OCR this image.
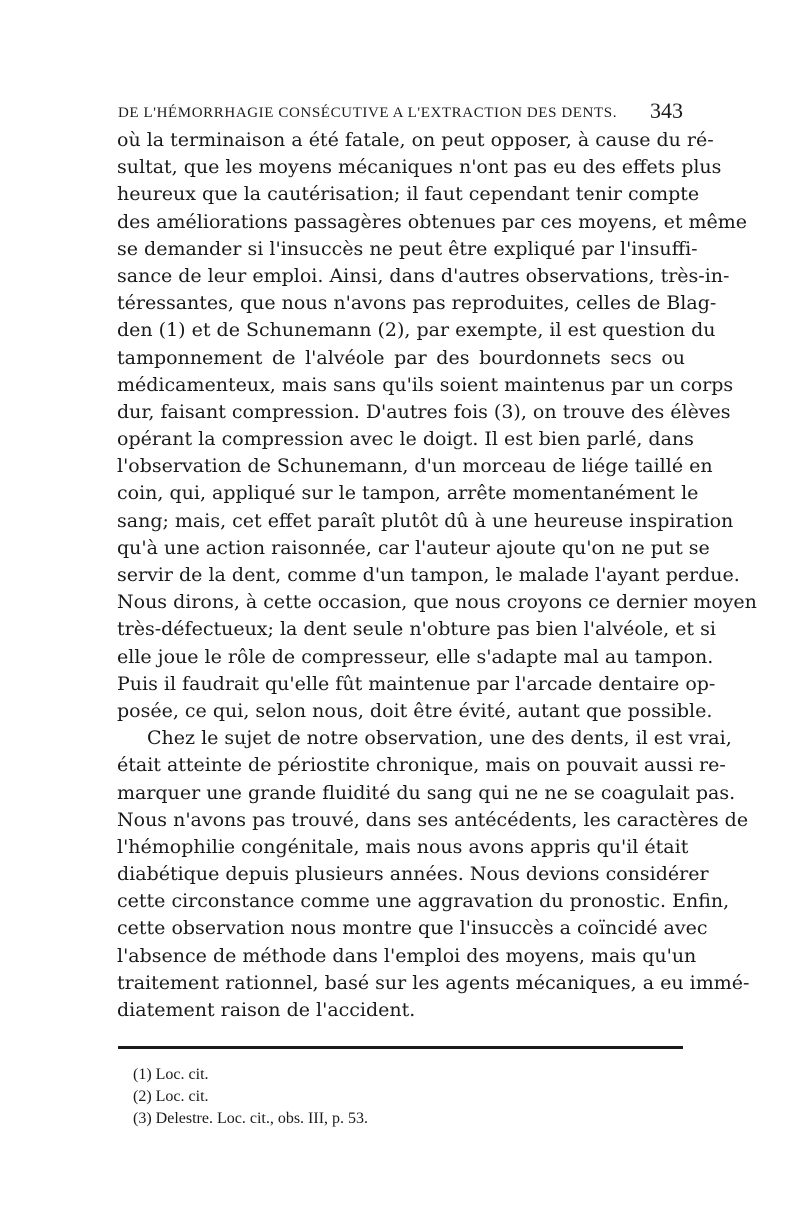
DE L'HÉMORRHAGIE CONSÉCUTIVE A L'EXTRACTION DES DENTS. 343
où la terminaison a été fatale, on peut opposer, à cause du ré-
sultat, que les moyens mécaniques n'ont pas eu des effets plus
heureux que la cautérisation; il faut cependant tenir compte
des améliorations passagères obtenues par ces moyens, et même
se demander si l'insuccès ne peut être expliqué par l'insuffi-
sance de leur emploi. Ainsi, dans d'autres observations, très-in-
téressantes, que nous n'avons pas reproduites, celles de Blag-
den (1) et de Schunemann (2), par exempte, il est question du
tamponnement de l'alvéole par des bourdonnets secs ou
médicamenteux, mais sans qu'ils soient maintenus par un corps
dur, faisant compression. D'autres fois (3), on trouve des élèves
opérant la compression avec le doigt. Il est bien parlé, dans
l'observation de Schunemann, d'un morceau de liége taillé en
coin, qui, appliqué sur le tampon, arrête momentanément le
sang; mais, cet effet paraît plutôt dû à une heureuse inspiration
qu'à une action raisonnée, car l'auteur ajoute qu'on ne put se
servir de la dent, comme d'un tampon, le malade l'ayant perdue.
Nous dirons, à cette occasion, que nous croyons ce dernier moyen
très-défectueux; la dent seule n'obture pas bien l'alvéole, et si
elle joue le rôle de compresseur, elle s'adapte mal au tampon.
Puis il faudrait qu'elle fût maintenue par l'arcade dentaire op-
posée, ce qui, selon nous, doit être évité, autant que possible.
Chez le sujet de notre observation, une des dents, il est vrai,
était atteinte de périostite chronique, mais on pouvait aussi re-
marquer une grande fluidité du sang qui ne ne se coagulait pas.
Nous n'avons pas trouvé, dans ses antécédents, les caractères de
l'hémophilie congénitale, mais nous avons appris qu'il était
diabétique depuis plusieurs années. Nous devions considérer
cette circonstance comme une aggravation du pronostic. Enfin,
cette observation nous montre que l'insuccès a coïncidé avec
l'absence de méthode dans l'emploi des moyens, mais qu'un
traitement rationnel, basé sur les agents mécaniques, a eu immé-
diatement raison de l'accident.
(1) Loc. cit.
(2) Loc. cit.
(3) Delestre. Loc. cit., obs. III, p. 53.
